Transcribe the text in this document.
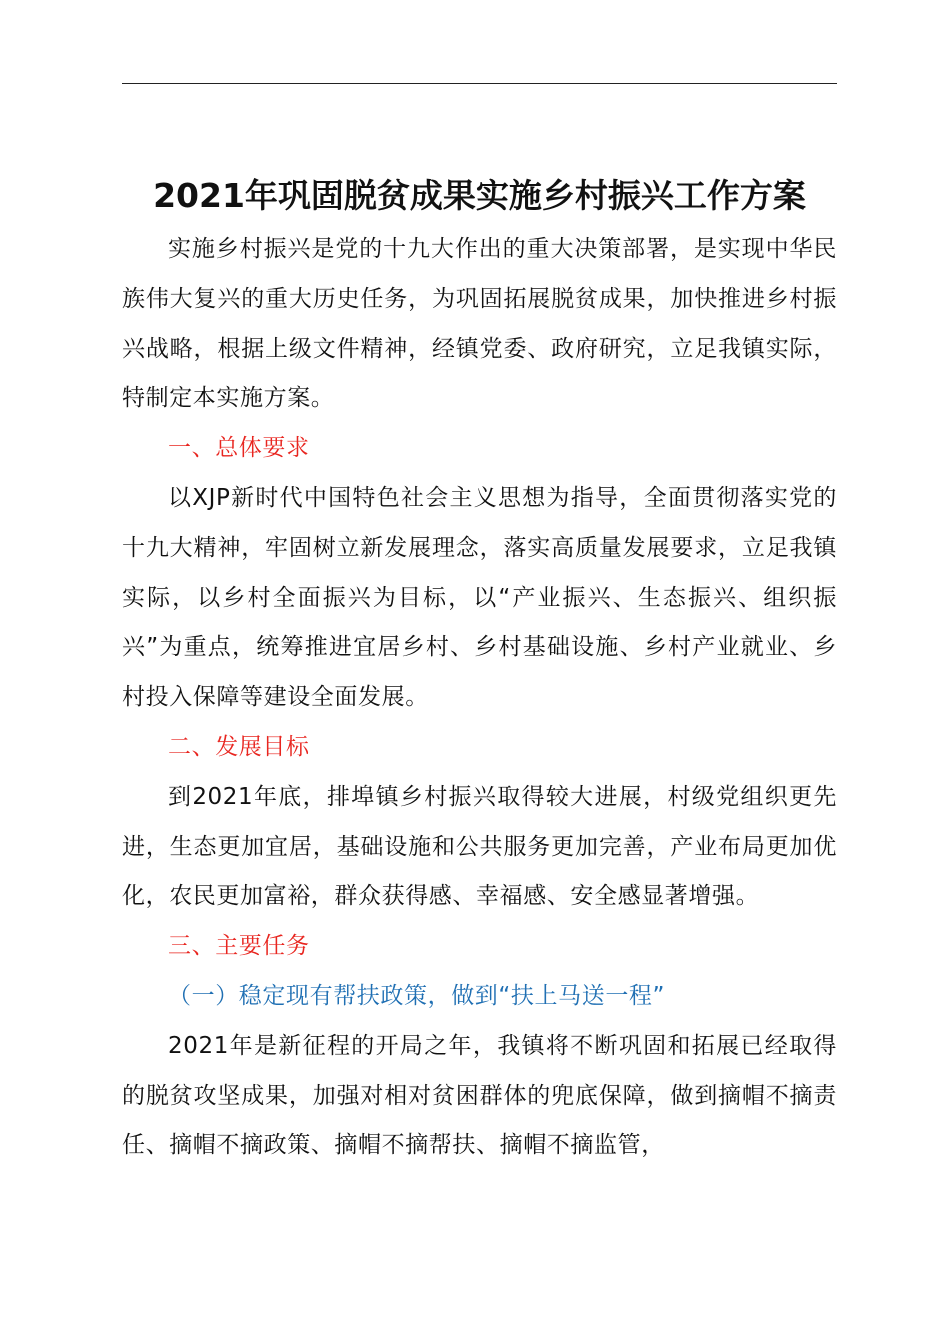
2021年巩固脱贫成果实施乡村振兴工作方案

实施乡村振兴是党的十九大作出的重大决策部署，是实现中华民族伟大复兴的重大历史任务，为巩固拓展脱贫成果，加快推进乡村振兴战略，根据上级文件精神，经镇党委、政府研究，立足我镇实际，特制定本实施方案。

一、总体要求

以XJP新时代中国特色社会主义思想为指导，全面贯彻落实党的十九大精神，牢固树立新发展理念，落实高质量发展要求，立足我镇实际，以乡村全面振兴为目标，以“产业振兴、生态振兴、组织振兴”为重点，统筹推进宜居乡村、乡村基础设施、乡村产业就业、乡村投入保障等建设全面发展。

二、发展目标

到2021年底，排埠镇乡村振兴取得较大进展，村级党组织更先进，生态更加宜居，基础设施和公共服务更加完善，产业布局更加优化，农民更加富裕，群众获得感、幸福感、安全感显著增强。

三、主要任务

（一）稳定现有帮扶政策，做到“扶上马送一程”

2021年是新征程的开局之年，我镇将不断巩固和拓展已经取得的脱贫攻坚成果，加强对相对贫困群体的兜底保障，做到摘帽不摘责任、摘帽不摘政策、摘帽不摘帮扶、摘帽不摘监管，
